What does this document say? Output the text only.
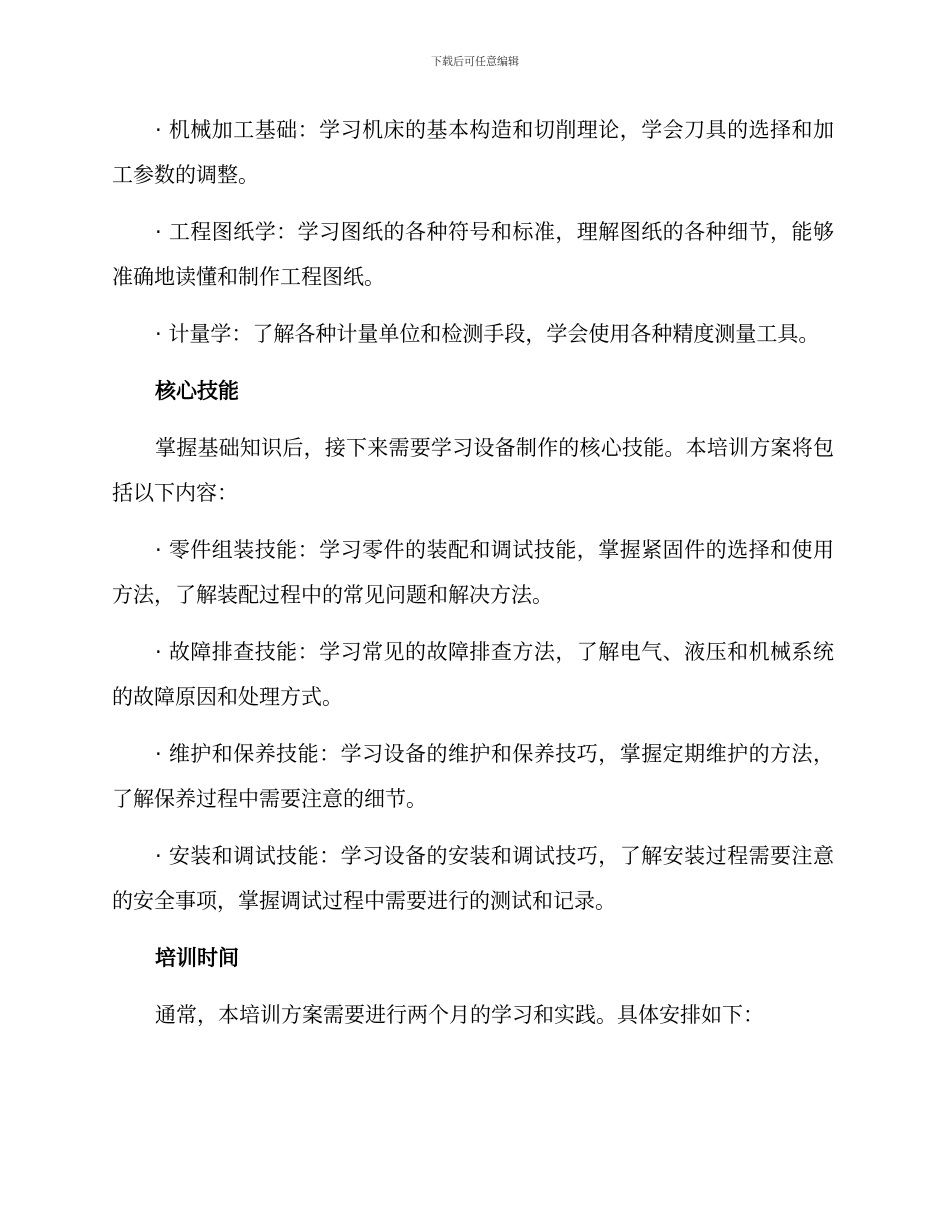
下载后可任意编辑

· 机械加工基础：学习机床的基本构造和切削理论，学会刀具的选择和加工参数的调整。

· 工程图纸学：学习图纸的各种符号和标准，理解图纸的各种细节，能够准确地读懂和制作工程图纸。

· 计量学：了解各种计量单位和检测手段，学会使用各种精度测量工具。

核心技能

掌握基础知识后，接下来需要学习设备制作的核心技能。本培训方案将包括以下内容：

· 零件组装技能：学习零件的装配和调试技能，掌握紧固件的选择和使用方法，了解装配过程中的常见问题和解决方法。

· 故障排查技能：学习常见的故障排查方法，了解电气、液压和机械系统的故障原因和处理方式。

· 维护和保养技能：学习设备的维护和保养技巧，掌握定期维护的方法，了解保养过程中需要注意的细节。

· 安装和调试技能：学习设备的安装和调试技巧，了解安装过程需要注意的安全事项，掌握调试过程中需要进行的测试和记录。

培训时间

通常，本培训方案需要进行两个月的学习和实践。具体安排如下：
